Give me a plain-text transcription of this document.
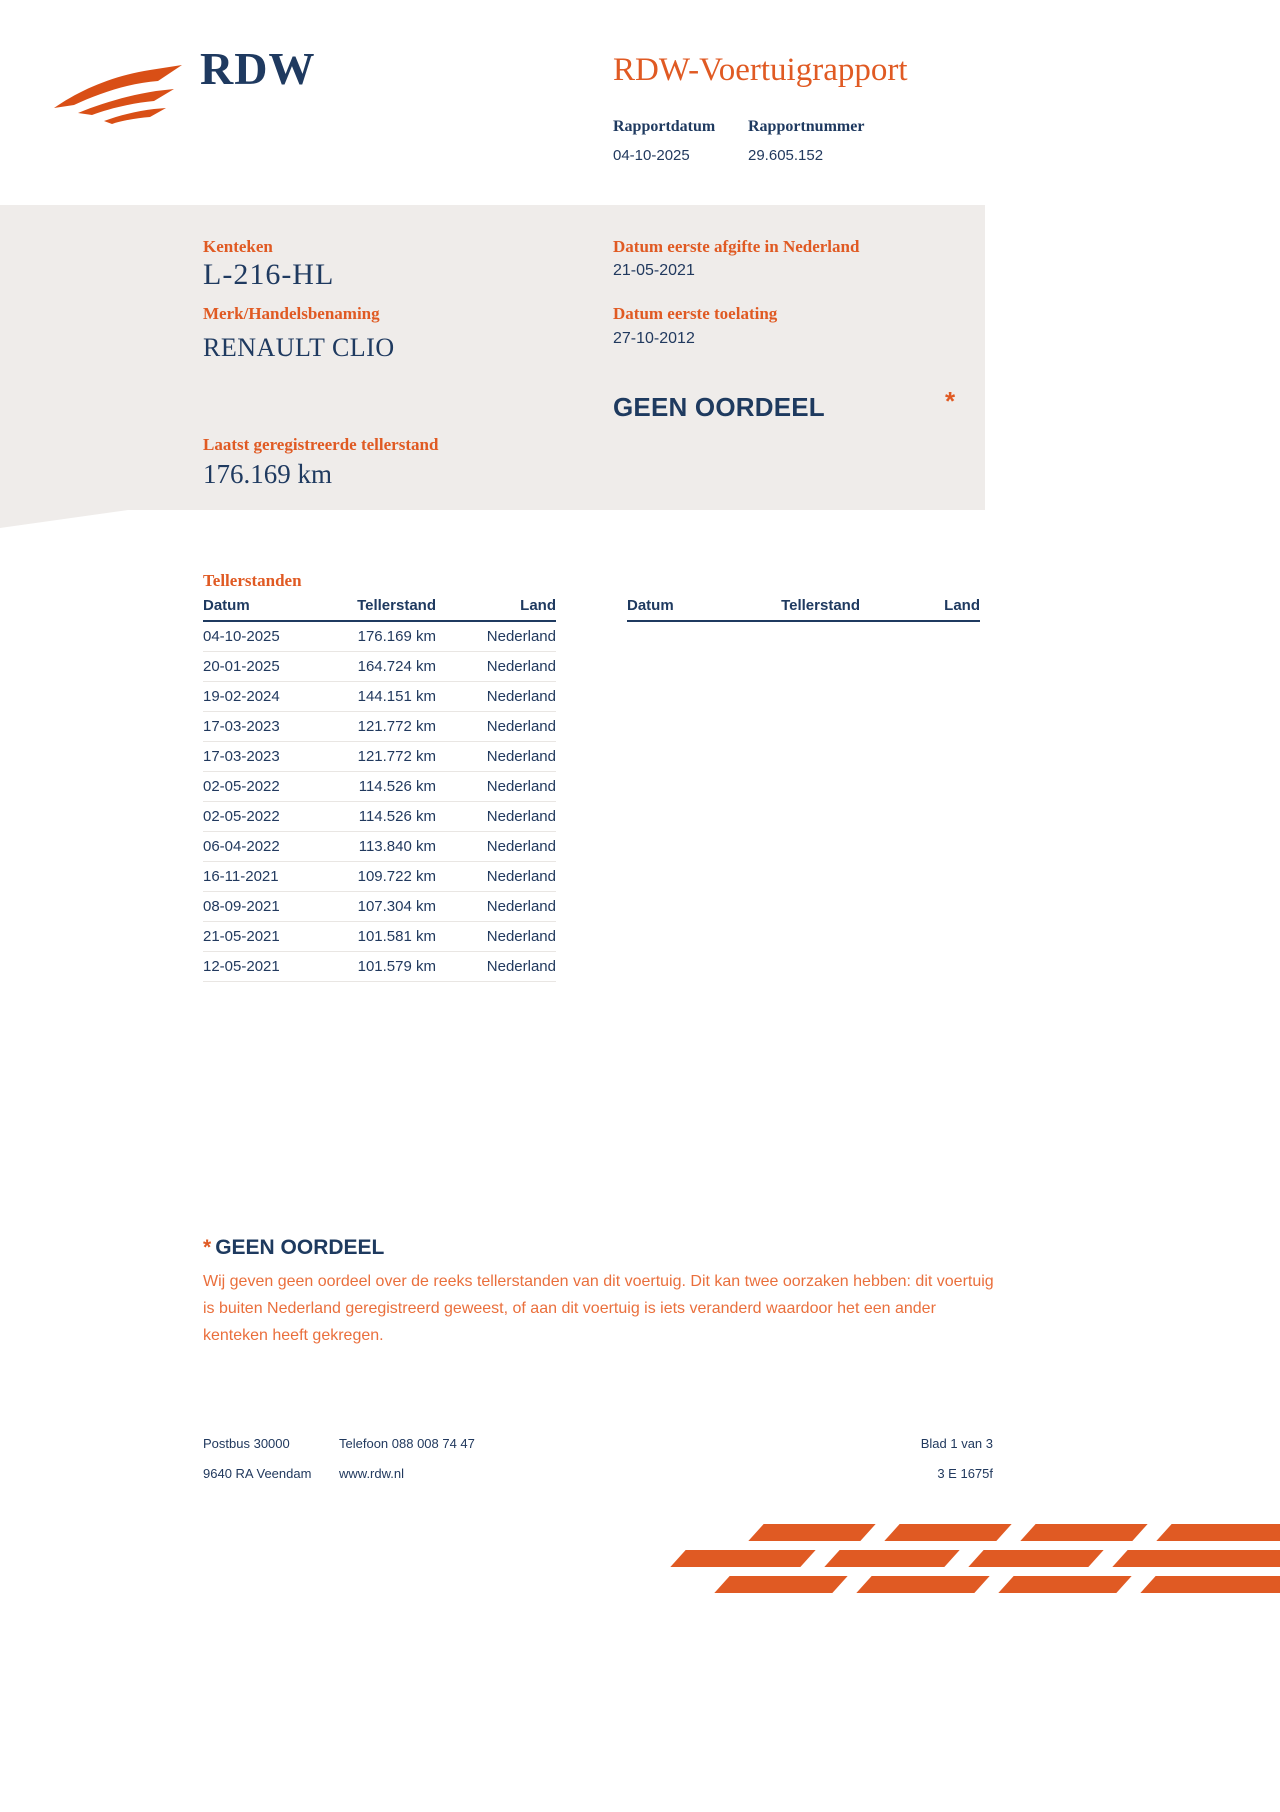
RDW	RDW-Voertuigrapport
Rapportdatum Rapportnummer
04-10-2025	29.605.152
Kenteken
L-216-HL
Merk/Handelsbenaming
RENAULT CLIO
Datum eerste afgifte in Nederland
21-05-2021
Datum eerste toelating
27-10-2012
GEEN OORDEEL	*
Laatst geregistreerde tellerstand
176.169 km
Tellerstanden
Datum	Tellerstand	Land
04-10-2025	176.169 km	Nederland
20-01-2025	164.724 km	Nederland
19-02-2024	144.151 km	Nederland
17-03-2023	121.772 km	Nederland
17-03-2023	121.772 km	Nederland
02-05-2022	114.526 km	Nederland
02-05-2022	114.526 km	Nederland
06-04-2022	113.840 km	Nederland
16-11-2021	109.722 km	Nederland
08-09-2021	107.304 km	Nederland
21-05-2021	101.581 km	Nederland
12-05-2021	101.579 km	Nederland
Datum	Tellerstand	Land
* GEEN OORDEEL
Wij geven geen oordeel over de reeks tellerstanden van dit voertuig. Dit kan twee oorzaken hebben: dit voertuig is buiten Nederland geregistreerd geweest, of aan dit voertuig is iets veranderd waardoor het een ander kenteken heeft gekregen.
Postbus 30000
9640 RA Veendam
Telefoon 088 008 74 47
www.rdw.nl
Blad 1 van 3
3 E 1675f
